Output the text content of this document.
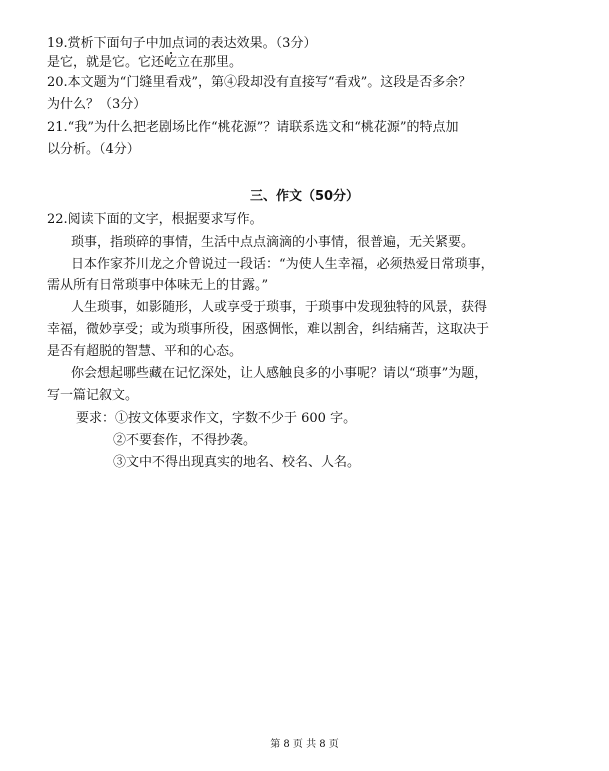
19.赏析下面句子中加点词的表达效果。（3分）
是它，就是它。它还屹立在那里。
20.本文题为“门缝里看戏”，第④段却没有直接写“看戏”。这段是否多余？
为什么？（3分）
21.“我”为什么把老剧场比作“桃花源”？请联系选文和“桃花源”的特点加
以分析。（4分）
三、作文（50分）
22.阅读下面的文字，根据要求写作。
琐事，指琐碎的事情，生活中点点滴滴的小事情，很普遍，无关紧要。
日本作家芥川龙之介曾说过一段话：“为使人生幸福，必须热爱日常琐事，
需从所有日常琐事中体味无上的甘露。”
人生琐事，如影随形，人或享受于琐事，于琐事中发现独特的风景，获得
幸福，微妙享受；或为琐事所役，困惑惆怅，难以割舍，纠结痛苦，这取决于
是否有超脱的智慧、平和的心态。
你会想起哪些藏在记忆深处，让人感触良多的小事呢？请以“琐事”为题，
写一篇记叙文。
要求：①按文体要求作文，字数不少于 600 字。
②不要套作，不得抄袭。
③文中不得出现真实的地名、校名、人名。
第 8 页 共 8 页
